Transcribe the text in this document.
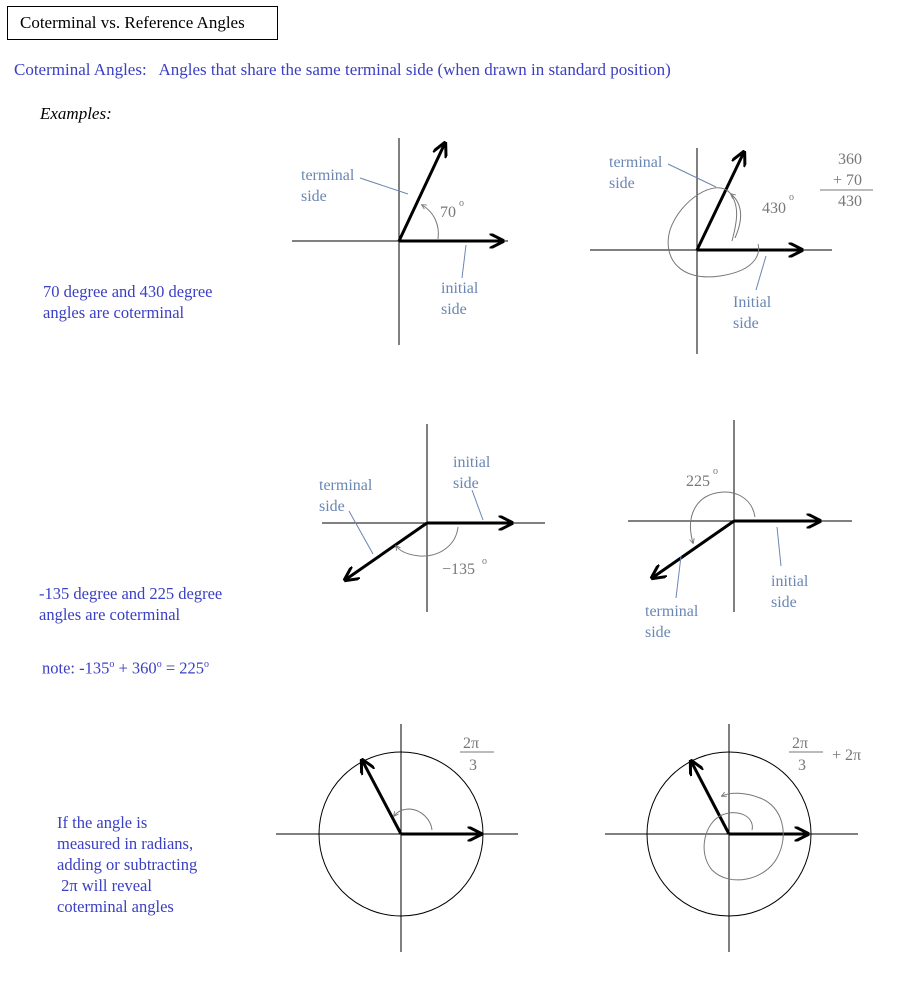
Coterminal vs. Reference Angles
Coterminal Angles: Angles that share the same terminal side (when drawn in standard position)
Examples:
70 degree and 430 degree
angles are coterminal
-135 degree and 225 degree
angles are coterminal
note: $-135^o + 360^o = 225^o$
If the angle is
measured in radians,
adding or subtracting
2π will reveal
coterminal angles
terminal
side
70
o
initial
side
terminal
side
430
o
Initial
side
360
+ 70
430
terminal
side
initial
side
−135 o
225
o
initial
side
terminal
side
2π
3
2π
3
+ 2π
